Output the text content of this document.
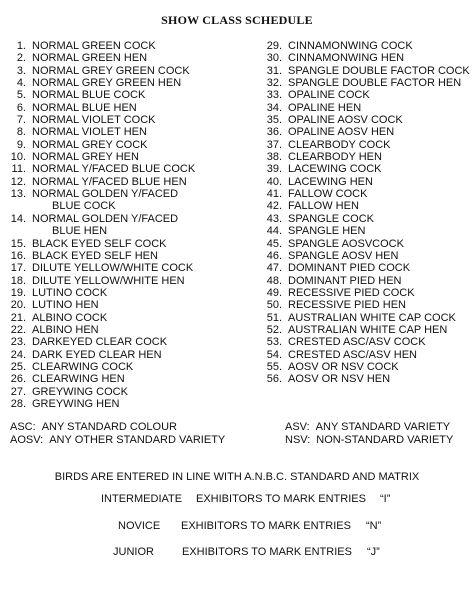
SHOW CLASS SCHEDULE
1. NORMAL GREEN COCK
2. NORMAL GREEN HEN
3. NORMAL GREY GREEN COCK
4. NORMAL GREY GREEN HEN
5. NORMAL BLUE COCK
6. NORMAL BLUE HEN
7. NORMAL VIOLET COCK
8. NORMAL VIOLET HEN
9. NORMAL GREY COCK
10. NORMAL GREY HEN
11. NORMAL Y/FACED BLUE COCK
12. NORMAL Y/FACED BLUE HEN
13. NORMAL GOLDEN Y/FACED
BLUE COCK
14. NORMAL GOLDEN Y/FACED
BLUE HEN
15. BLACK EYED SELF COCK
16. BLACK EYED SELF HEN
17. DILUTE YELLOW/WHITE COCK
18. DILUTE YELLOW/WHITE HEN
19. LUTINO COCK
20. LUTINO HEN
21. ALBINO COCK
22. ALBINO HEN
23. DARKEYED CLEAR COCK
24. DARK EYED CLEAR HEN
25. CLEARWING COCK
26. CLEARWING HEN
27. GREYWING COCK
28. GREYWING HEN
29. CINNAMONWING COCK
30. CINNAMONWING HEN
31. SPANGLE DOUBLE FACTOR COCK
32. SPANGLE DOUBLE FACTOR HEN
33. OPALINE COCK
34. OPALINE HEN
35. OPALINE AOSV COCK
36. OPALINE AOSV HEN
37. CLEARBODY COCK
38. CLEARBODY HEN
39. LACEWING COCK
40. LACEWING HEN
41. FALLOW COCK
42. FALLOW HEN
43. SPANGLE COCK
44. SPANGLE HEN
45. SPANGLE AOSVCOCK
46. SPANGLE AOSV HEN
47. DOMINANT PIED COCK
48. DOMINANT PIED HEN
49. RECESSIVE PIED COCK
50. RECESSIVE PIED HEN
51. AUSTRALIAN WHITE CAP COCK
52. AUSTRALIAN WHITE CAP HEN
53. CRESTED ASC/ASV COCK
54. CRESTED ASC/ASV HEN
55. AOSV OR NSV COCK
56. AOSV OR NSV HEN
ASC: ANY STANDARD COLOUR
AOSV: ANY OTHER STANDARD VARIETY
ASV: ANY STANDARD VARIETY
NSV: NON-STANDARD VARIETY
BIRDS ARE ENTERED IN LINE WITH A.N.B.C. STANDARD AND MATRIX
INTERMEDIATE EXHIBITORS TO MARK ENTRIES “I”
NOVICE EXHIBITORS TO MARK ENTRIES “N”
JUNIOR	EXHIBITORS TO MARK ENTRIES “J”
